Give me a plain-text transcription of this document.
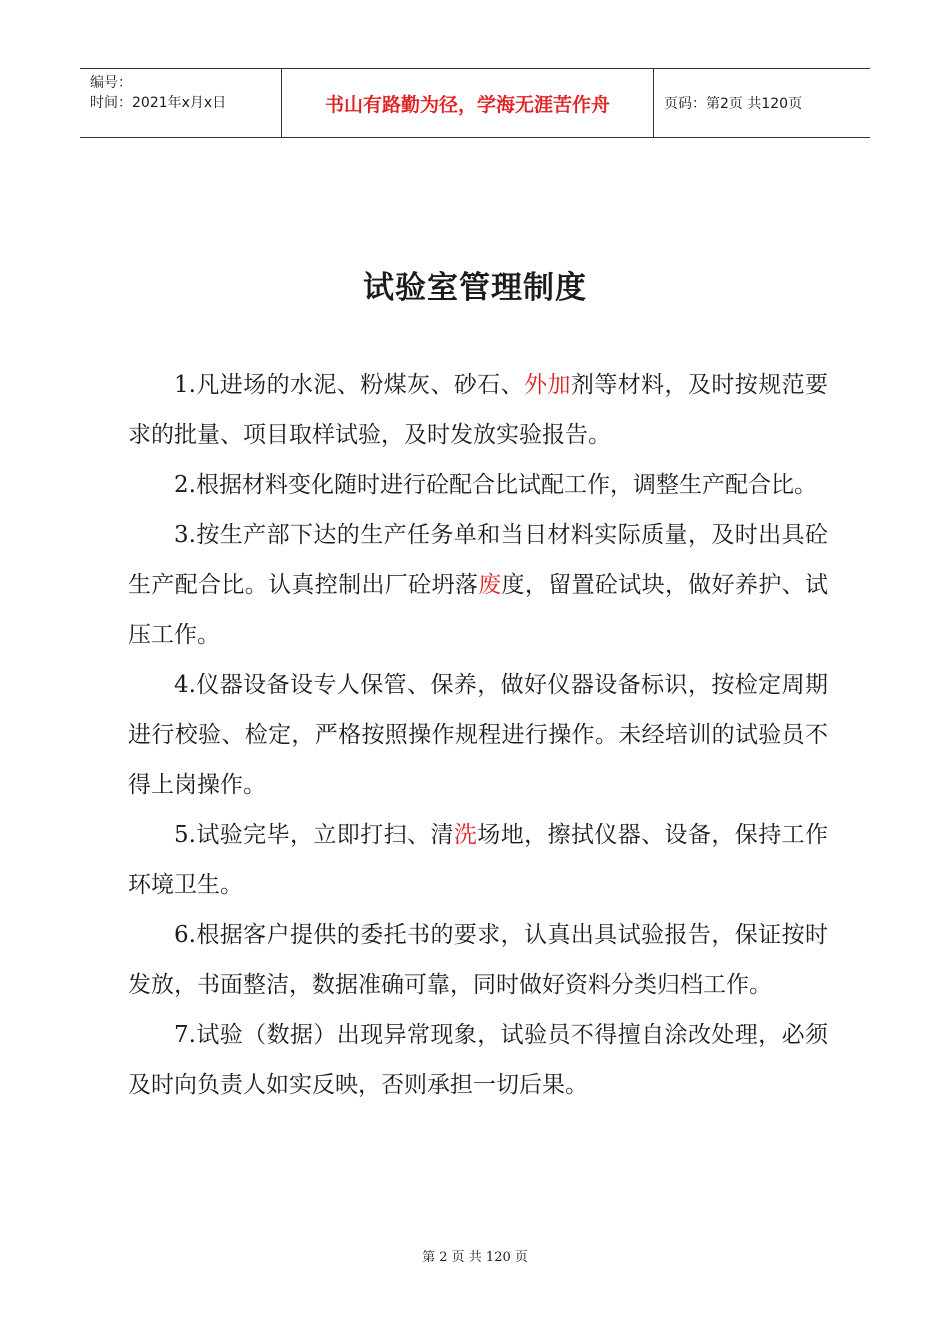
编号：
时间：2021年x月x日	书山有路勤为径，学海无涯苦作舟	页码：第2页 共120页
试验室管理制度

1.凡进场的水泥、粉煤灰、砂石、外加剂等材料，及时按规范要求的批量、项目取样试验，及时发放实验报告。

2.根据材料变化随时进行砼配合比试配工作，调整生产配合比。

3.按生产部下达的生产任务单和当日材料实际质量，及时出具砼生产配合比。认真控制出厂砼坍落废度，留置砼试块，做好养护、试压工作。

4.仪器设备设专人保管、保养，做好仪器设备标识，按检定周期进行校验、检定，严格按照操作规程进行操作。未经培训的试验员不得上岗操作。

5.试验完毕，立即打扫、清洗场地，擦拭仪器、设备，保持工作环境卫生。

6.根据客户提供的委托书的要求，认真出具试验报告，保证按时发放，书面整洁，数据准确可靠，同时做好资料分类归档工作。

7.试验（数据）出现异常现象，试验员不得擅自涂改处理，必须及时向负责人如实反映，否则承担一切后果。

第 2 页 共 120 页
